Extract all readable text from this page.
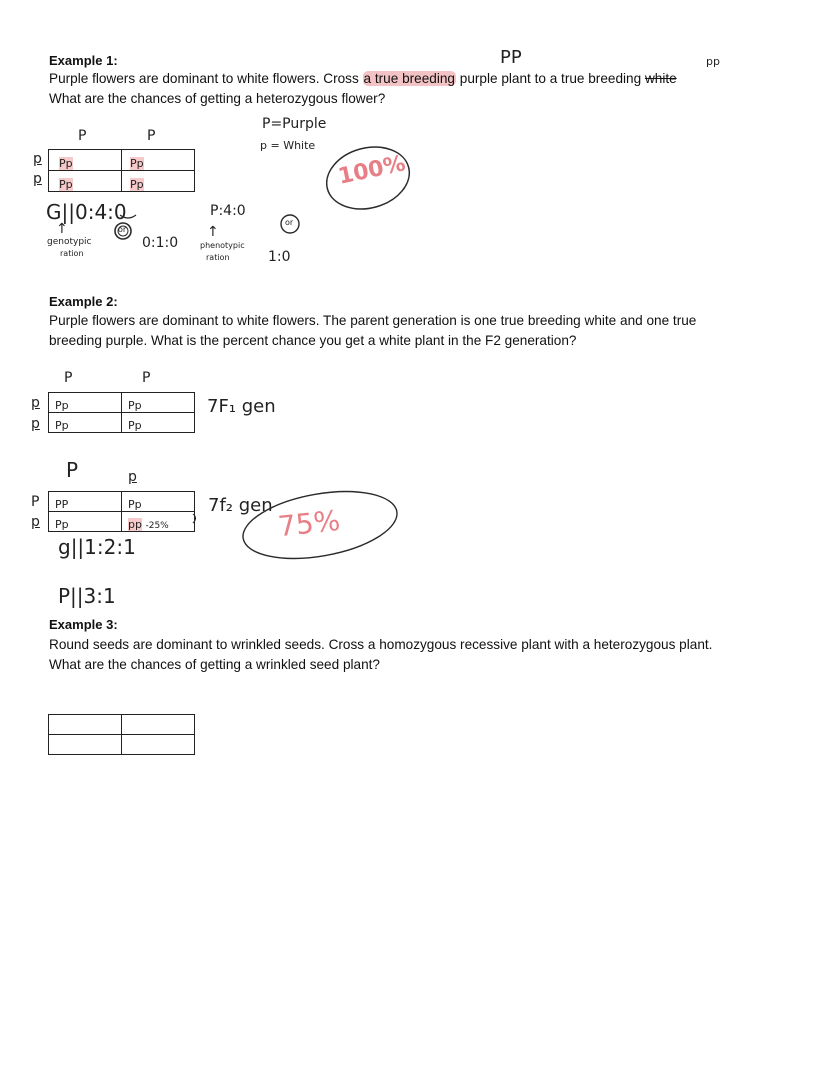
Example 1:
Purple flowers are dominant to white flowers. Cross a true breeding purple plant to a true breeding white
What are the chances of getting a heterozygous flower?
PP	pp
P=Purple
p = White
P	P
p
p
Pp	Pp
Pp	Pp
G||0:4:0
↑
genotypic
ration
or
0:1:0
P:4:0
↑
phenotypic
ration
or
1:0
100%
Example 2:
Purple flowers are dominant to white flowers. The parent generation is one true breeding white and one true
breeding purple. What is the percent chance you get a white plant in the F2 generation?
P	P
p
p
Pp	Pp
Pp	Pp
7F₁ gen
P	p
P
p
PP	Pp
Pp	pp -25%
7f₂ gen
g||1:2:1
P||3:1
75%
Example 3:
Round seeds are dominant to wrinkled seeds. Cross a homozygous recessive plant with a heterozygous plant.
What are the chances of getting a wrinkled seed plant?
